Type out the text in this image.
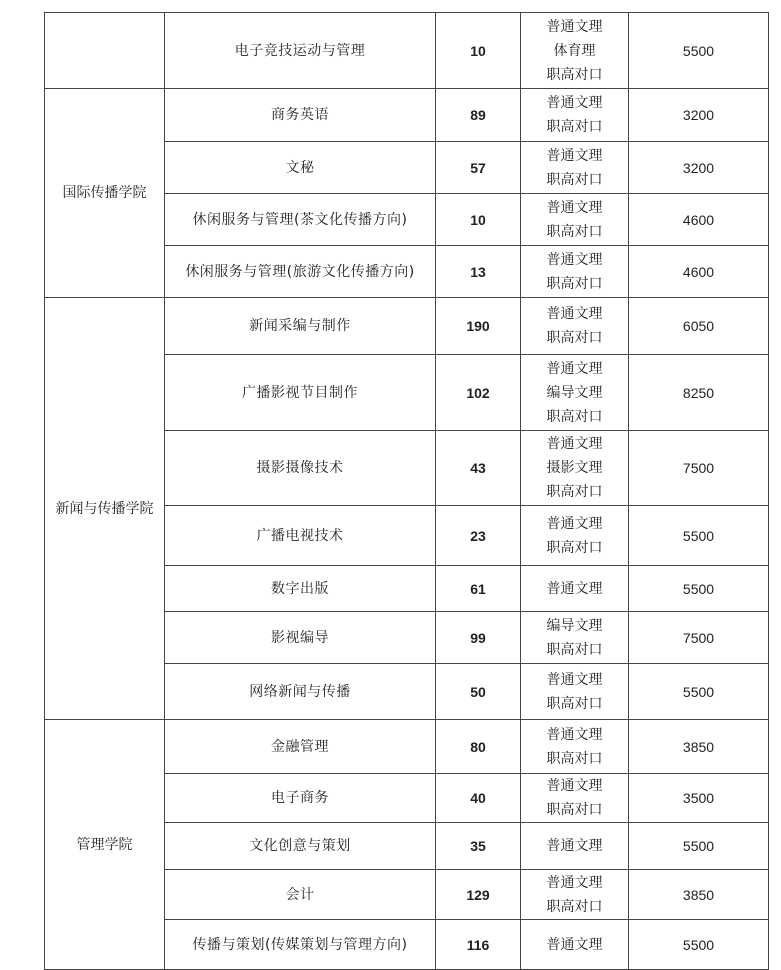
	电子竞技运动与管理	10	普通文理
体育理
职高对口	5500
国际传播学院	商务英语	89	普通文理
职高对口	3200
	文秘	57	普通文理
职高对口	3200
	休闲服务与管理(茶文化传播方向)	10	普通文理
职高对口	4600
	休闲服务与管理(旅游文化传播方向)	13	普通文理
职高对口	4600
新闻与传播学院	新闻采编与制作	190	普通文理
职高对口	6050
	广播影视节目制作	102	普通文理
编导文理
职高对口	8250
	摄影摄像技术	43	普通文理
摄影文理
职高对口	7500
	广播电视技术	23	普通文理
职高对口	5500
	数字出版	61	普通文理	5500
	影视编导	99	编导文理
职高对口	7500
	网络新闻与传播	50	普通文理
职高对口	5500
管理学院	金融管理	80	普通文理
职高对口	3850
	电子商务	40	普通文理
职高对口	3500
	文化创意与策划	35	普通文理	5500
	会计	129	普通文理
职高对口	3850
	传播与策划(传媒策划与管理方向)	116	普通文理	5500
